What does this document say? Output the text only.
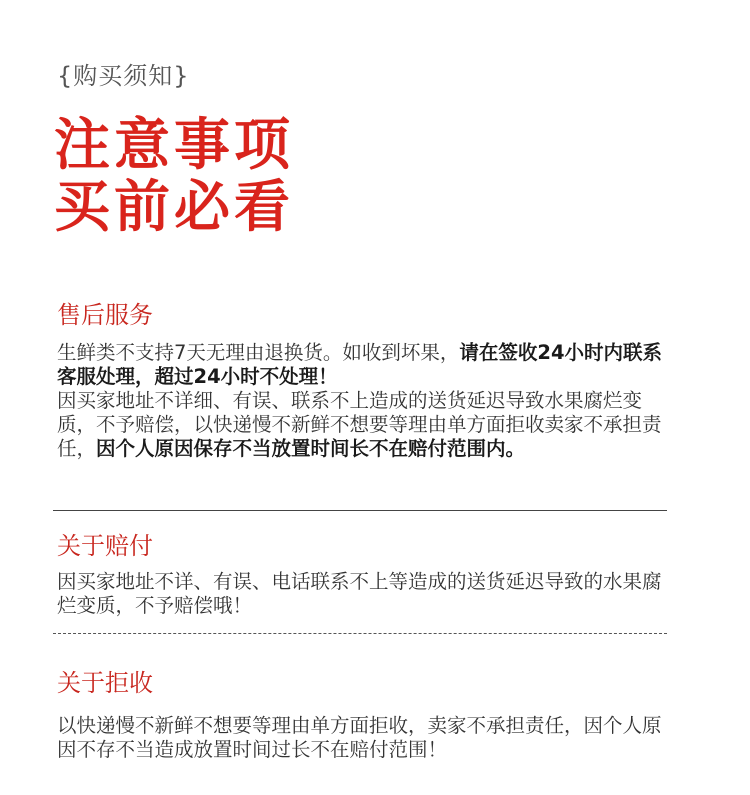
{购买须知}
注意事项
买前必看
售后服务
生鲜类不支持7天无理由退换货。如收到坏果，请在签收24小时内联系客服处理，超过24小时不处理！
因买家地址不详细、有误、联系不上造成的送货延迟导致水果腐烂变质，不予赔偿，以快递慢不新鲜不想要等理由单方面拒收卖家不承担责任，因个人原因保存不当放置时间长不在赔付范围内。
关于赔付
因买家地址不详、有误、电话联系不上等造成的送货延迟导致的水果腐烂变质，不予赔偿哦！
关于拒收
以快递慢不新鲜不想要等理由单方面拒收，卖家不承担责任，因个人原因不存不当造成放置时间过长不在赔付范围！
